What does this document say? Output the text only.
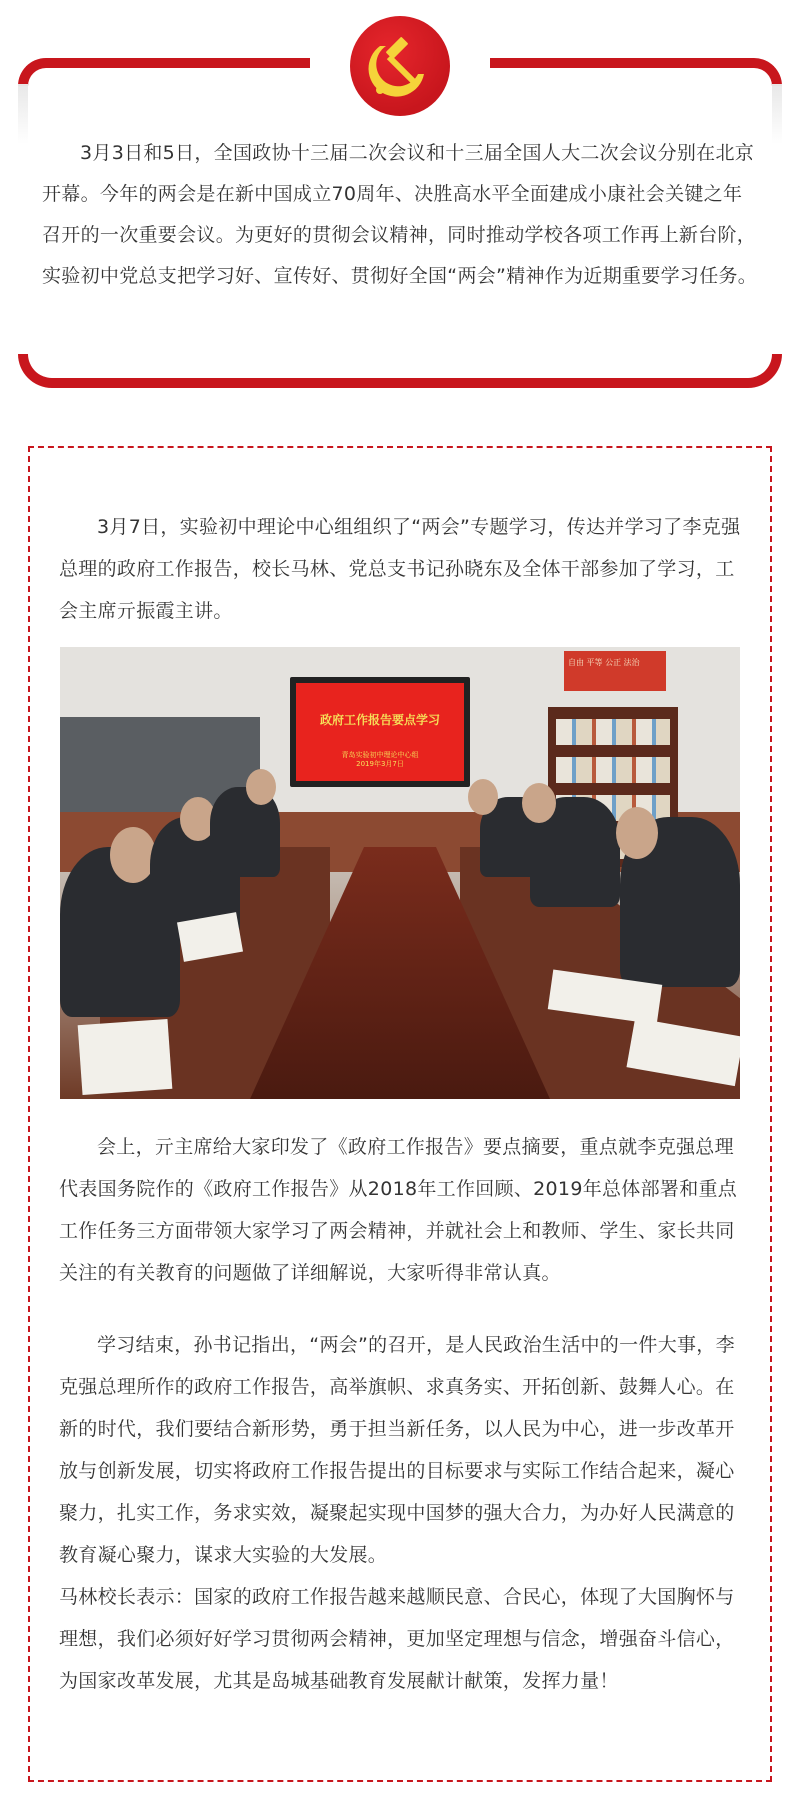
3月3日和5日，全国政协十三届二次会议和十三届全国人大二次会议分别在北京开幕。今年的两会是在新中国成立70周年、决胜高水平全面建成小康社会关键之年召开的一次重要会议。为更好的贯彻会议精神，同时推动学校各项工作再上新台阶，实验初中党总支把学习好、宣传好、贯彻好全国“两会”精神作为近期重要学习任务。

3月7日，实验初中理论中心组组织了“两会”专题学习，传达并学习了李克强总理的政府工作报告，校长马林、党总支书记孙晓东及全体干部参加了学习，工会主席亓振霞主讲。

政府工作报告要点学习
青岛实验初中理论中心组
2019年3月7日
自由 平等 公正 法治

会上，亓主席给大家印发了《政府工作报告》要点摘要，重点就李克强总理代表国务院作的《政府工作报告》从2018年工作回顾、2019年总体部署和重点工作任务三方面带领大家学习了两会精神，并就社会上和教师、学生、家长共同关注的有关教育的问题做了详细解说，大家听得非常认真。

学习结束，孙书记指出，“两会”的召开，是人民政治生活中的一件大事，李克强总理所作的政府工作报告，高举旗帜、求真务实、开拓创新、鼓舞人心。在新的时代，我们要结合新形势，勇于担当新任务，以人民为中心，进一步改革开放与创新发展，切实将政府工作报告提出的目标要求与实际工作结合起来，凝心聚力，扎实工作，务求实效，凝聚起实现中国梦的强大合力，为办好人民满意的教育凝心聚力，谋求大实验的大发展。

马林校长表示：国家的政府工作报告越来越顺民意、合民心，体现了大国胸怀与理想，我们必须好好学习贯彻两会精神，更加坚定理想与信念，增强奋斗信心，为国家改革发展，尤其是岛城基础教育发展献计献策，发挥力量！
